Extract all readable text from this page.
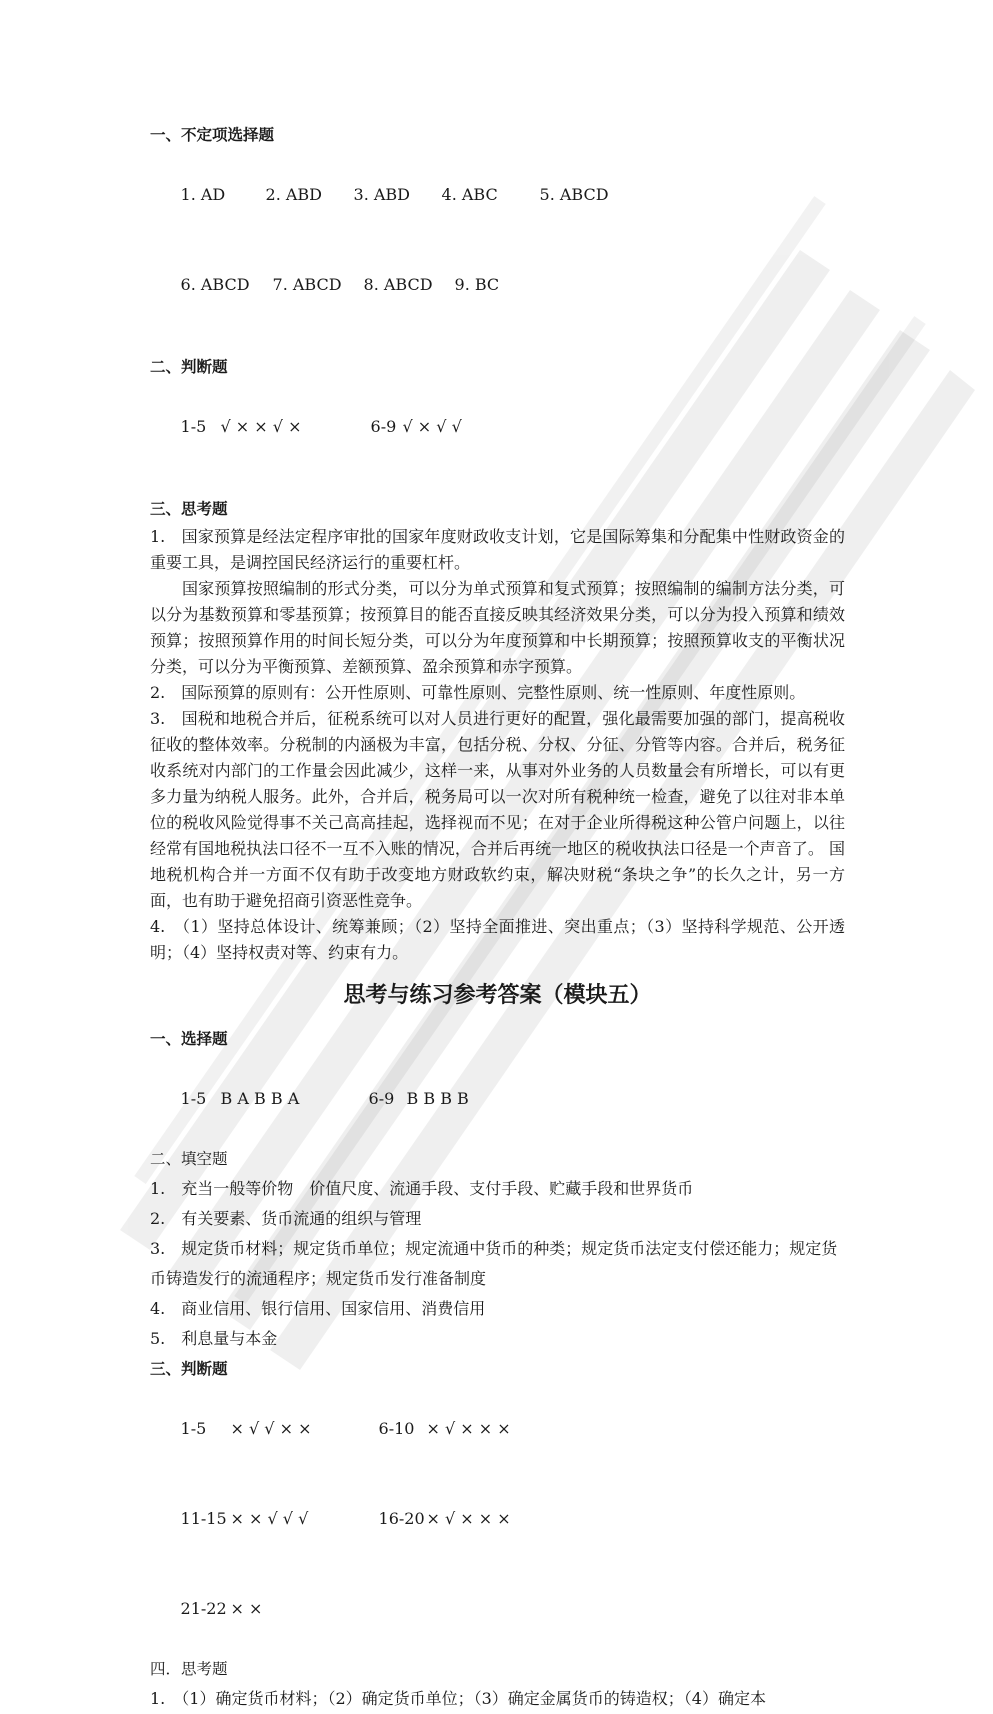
一、不定项选择题

1. AD	2. ABD 3. ABD 4. ABC	5. ABCD

6. ABCD 7. ABCD 8. ABCD 9. BC

二、判断题

1-5 √ × × √ ×	6-9 √ × √ √

三、思考题

1.　国家预算是经法定程序审批的国家年度财政收支计划，它是国际筹集和分配集中性财政资金的重要工具，是调控国民经济运行的重要杠杆。

国家预算按照编制的形式分类，可以分为单式预算和复式预算；按照编制的编制方法分类，可以分为基数预算和零基预算；按预算目的能否直接反映其经济效果分类，可以分为投入预算和绩效预算；按照预算作用的时间长短分类，可以分为年度预算和中长期预算；按照预算收支的平衡状况分类，可以分为平衡预算、差额预算、盈余预算和赤字预算。

2.　国际预算的原则有：公开性原则、可靠性原则、完整性原则、统一性原则、年度性原则。

3.　国税和地税合并后，征税系统可以对人员进行更好的配置，强化最需要加强的部门，提高税收征收的整体效率。分税制的内涵极为丰富，包括分税、分权、分征、分管等内容。合并后，税务征收系统对内部门的工作量会因此减少，这样一来，从事对外业务的人员数量会有所增长，可以有更多力量为纳税人服务。此外，合并后，税务局可以一次对所有税种统一检查，避免了以往对非本单位的税收风险觉得事不关己高高挂起，选择视而不见；在对于企业所得税这种公管户问题上，以往经常有国地税执法口径不一互不入账的情况，合并后再统一地区的税收执法口径是一个声音了。 国地税机构合并一方面不仅有助于改变地方财政软约束，解决财税“条块之争”的长久之计，另一方面，也有助于避免招商引资恶性竞争。

4.　（1）坚持总体设计、统筹兼顾；（2）坚持全面推进、突出重点；（3）坚持科学规范、公开透明；（4）坚持权责对等、约束有力。

思考与练习参考答案（模块五）

一、选择题

1-5 B A B B A	6-9 B B B B

二、填空题

1.　充当一般等价物　价值尺度、流通手段、支付手段、贮藏手段和世界货币

2.　有关要素、货币流通的组织与管理

3.　规定货币材料；规定货币单位；规定流通中货币的种类；规定货币法定支付偿还能力；规定货币铸造发行的流通程序；规定货币发行准备制度

4.　商业信用、银行信用、国家信用、消费信用

5.　利息量与本金

三、判断题

1-5 × √ √ × ×	6-10 × √ × × ×

11-15 × × √ √ √	16-20 × √ × × ×

21-22 × ×

四．思考题

1.　（1）确定货币材料；（2）确定货币单位；（3）确定金属货币的铸造权；（4）确定本
